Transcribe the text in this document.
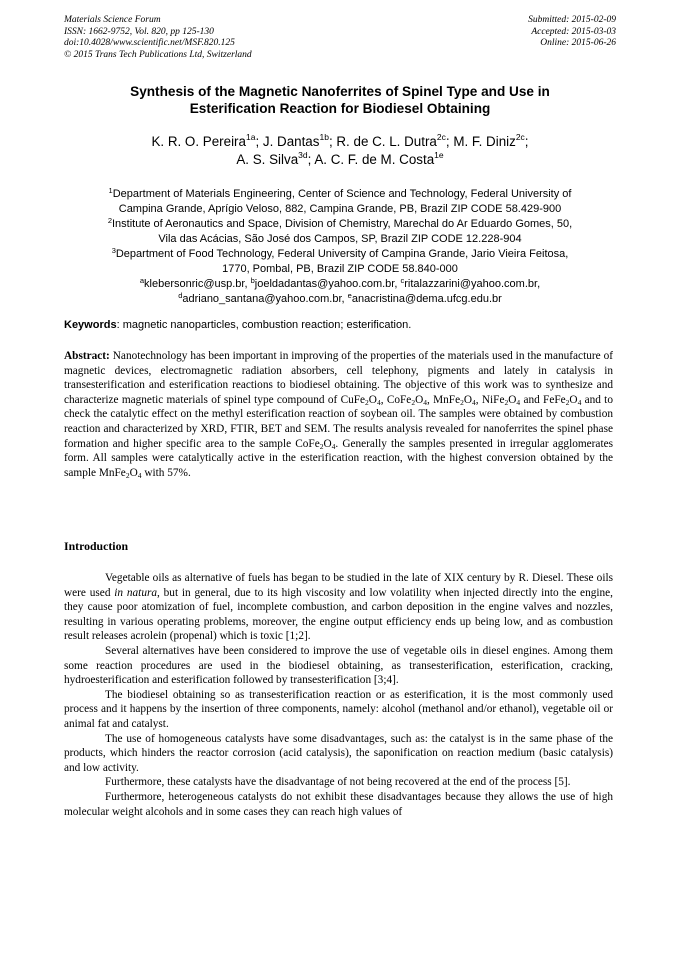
Materials Science Forum
ISSN: 1662-9752, Vol. 820, pp 125-130
doi:10.4028/www.scientific.net/MSF.820.125
© 2015 Trans Tech Publications Ltd, Switzerland
Submitted: 2015-02-09
Accepted: 2015-03-03
Online: 2015-06-26
Synthesis of the Magnetic Nanoferrites of Spinel Type and Use in
Esterification Reaction for Biodiesel Obtaining
K. R. O. Pereira$^{1a}$; J. Dantas$^{1b}$; R. de C. L. Dutra$^{2c}$; M. F. Diniz$^{2c}$;
A. S. Silva$^{3d}$; A. C. F. de M. Costa$^{1e}$
$^1$Department of Materials Engineering, Center of Science and Technology, Federal University of
Campina Grande, Aprígio Veloso, 882, Campina Grande, PB, Brazil ZIP CODE 58.429-900
$^2$Institute of Aeronautics and Space, Division of Chemistry, Marechal do Ar Eduardo Gomes, 50,
Vila das Acácias, São José dos Campos, SP, Brazil ZIP CODE 12.228-904
$^3$Department of Food Technology, Federal University of Campina Grande, Jario Vieira Feitosa,
1770, Pombal, PB, Brazil ZIP CODE 58.840-000
$^a$klebersonric@usp.br, $^b$joeldadantas@yahoo.com.br, $^c$ritalazzarini@yahoo.com.br,
$^d$adriano_santana@yahoo.com.br, $^e$anacristina@dema.ufcg.edu.br
Keywords: magnetic nanoparticles, combustion reaction; esterification.
Abstract: Nanotechnology has been important in improving of the properties of the materials used in the manufacture of magnetic devices, electromagnetic radiation absorbers, cell telephony, pigments and lately in catalysis in transesterification and esterification reactions to biodiesel obtaining. The objective of this work was to synthesize and characterize magnetic materials of spinel type compound of $CuFe_2O_4$, $CoFe_2O_4$, $MnFe_2O_4$, $NiFe_2O_4$ and $FeFe_2O_4$ and to check the catalytic effect on the methyl esterification reaction of soybean oil. The samples were obtained by combustion reaction and characterized by XRD, FTIR, BET and SEM. The results analysis revealed for nanoferrites the spinel phase formation and higher specific area to the sample $CoFe_2O_4$. Generally the samples presented in irregular agglomerates form. All samples were catalytically active in the esterification reaction, with the highest conversion obtained by the sample $MnFe_2O_4$ with 57%.
Introduction

Vegetable oils as alternative of fuels has began to be studied in the late of XIX century by R. Diesel. These oils were used in natura, but in general, due to its high viscosity and low volatility when injected directly into the engine, they cause poor atomization of fuel, incomplete combustion, and carbon deposition in the engine valves and nozzles, resulting in various operating problems, moreover, the engine output efficiency ends up being low, and as combustion result releases acrolein (propenal) which is toxic [1;2].

Several alternatives have been considered to improve the use of vegetable oils in diesel engines. Among them some reaction procedures are used in the biodiesel obtaining, as transesterification, esterification, cracking, hydroesterification and esterification followed by transesterification [3;4].

The biodiesel obtaining so as transesterification reaction or as esterification, it is the most commonly used process and it happens by the insertion of three components, namely: alcohol (methanol and/or ethanol), vegetable oil or animal fat and catalyst.

The use of homogeneous catalysts have some disadvantages, such as: the catalyst is in the same phase of the products, which hinders the reactor corrosion (acid catalysis), the saponification on reaction medium (basic catalysis) and low activity.

Furthermore, these catalysts have the disadvantage of not being recovered at the end of the process [5].

Furthermore, heterogeneous catalysts do not exhibit these disadvantages because they allows the use of high molecular weight alcohols and in some cases they can reach high values of
